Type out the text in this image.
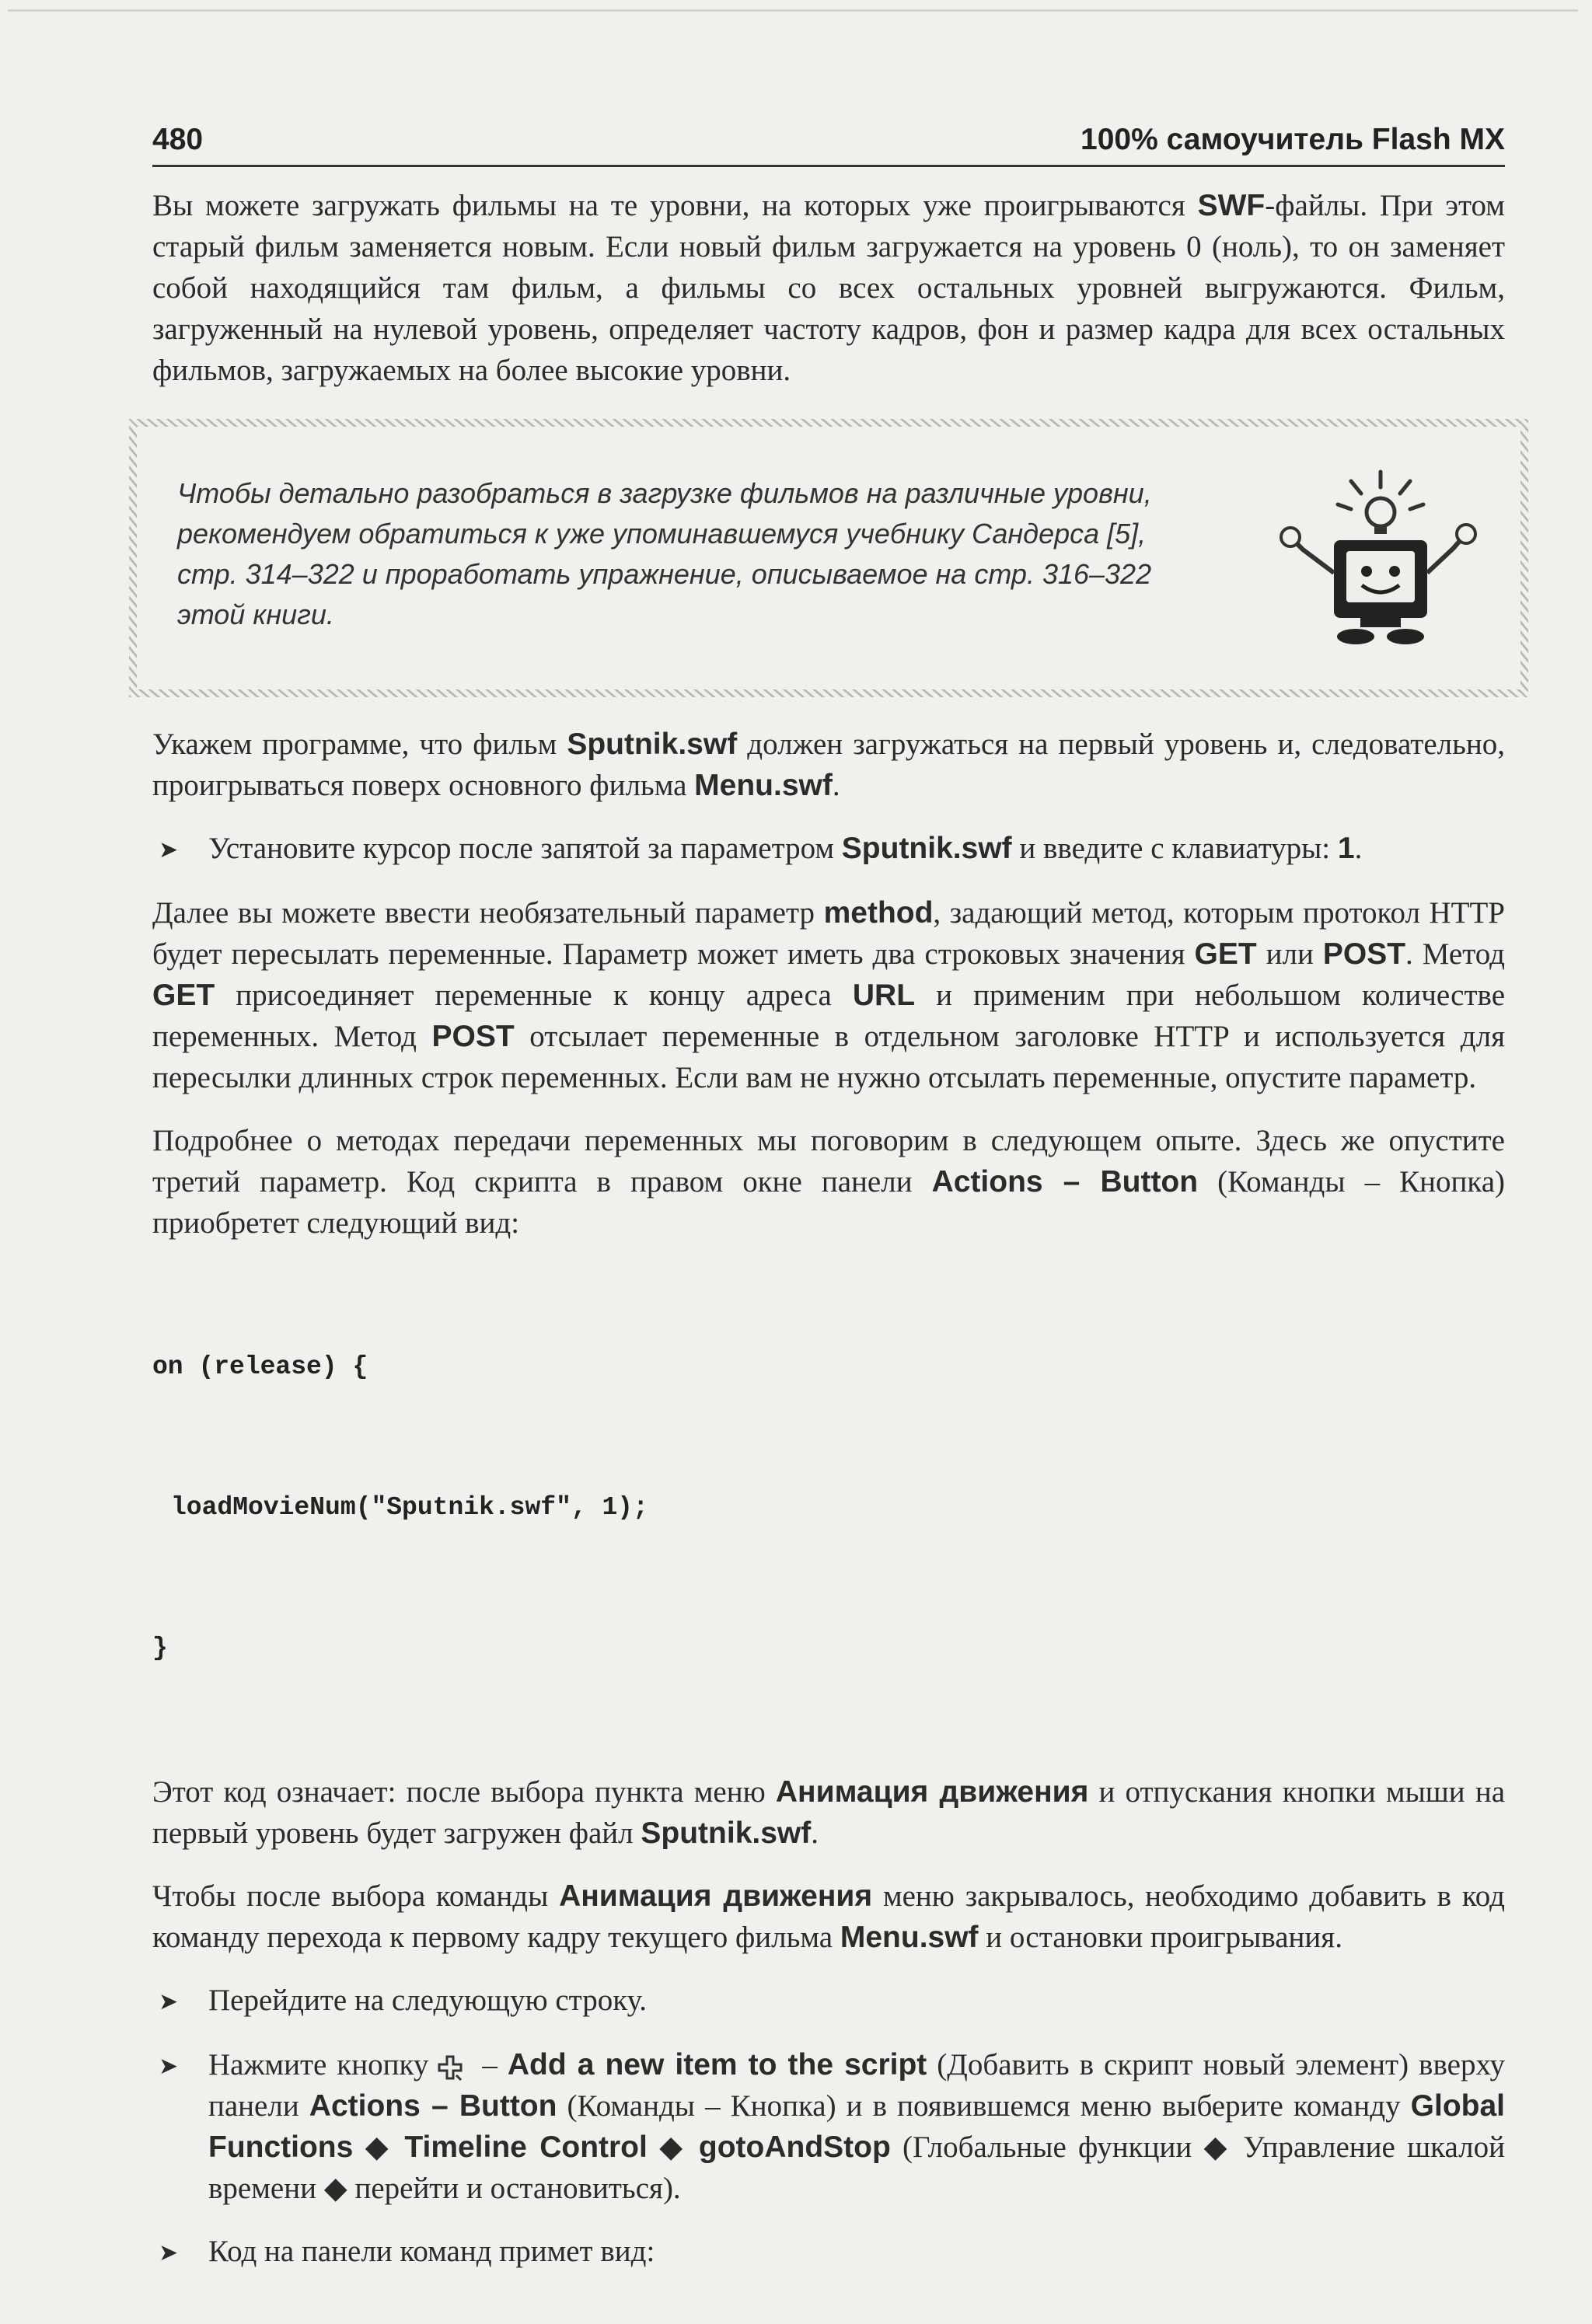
480	100% самоучитель Flash MX

Вы можете загружать фильмы на те уровни, на которых уже проигрываются SWF-файлы. При этом старый фильм заменяется новым. Если новый фильм загружается на уровень 0 (ноль), то он заменяет собой находящийся там фильм, а фильмы со всех остальных уровней выгружаются. Фильм, загруженный на нулевой уровень, определяет частоту кадров, фон и размер кадра для всех остальных фильмов, загружаемых на более высокие уровни.

Чтобы детально разобраться в загрузке фильмов на различные уровни, рекомендуем обратиться к уже упоминавшемуся учебнику Сандерса [5], стр. 314–322 и проработать упражнение, описываемое на стр. 316–322 этой книги.

Укажем программе, что фильм Sputnik.swf должен загружаться на первый уровень и, следовательно, проигрываться поверх основного фильма Menu.swf.

➤ Установите курсор после запятой за параметром Sputnik.swf и введите с клавиатуры: 1.

Далее вы можете ввести необязательный параметр method, задающий метод, которым протокол HTTP будет пересылать переменные. Параметр может иметь два строковых значения GET или POST. Метод GET присоединяет переменные к концу адреса URL и применим при небольшом количестве переменных. Метод POST отсылает переменные в отдельном заголовке HTTP и используется для пересылки длинных строк переменных. Если вам не нужно отсылать переменные, опустите параметр.

Подробнее о методах передачи переменных мы поговорим в следующем опыте. Здесь же опустите третий параметр. Код скрипта в правом окне панели Actions – Button (Команды – Кнопка) приобретет следующий вид:

on (release) {

loadMovieNum("Sputnik.swf", 1);

}

Этот код означает: после выбора пункта меню Анимация движения и отпускания кнопки мыши на первый уровень будет загружен файл Sputnik.swf.

Чтобы после выбора команды Анимация движения меню закрывалось, необходимо добавить в код команду перехода к первому кадру текущего фильма Menu.swf и остановки проигрывания.

➤ Перейдите на следующую строку.
➤ Нажмите кнопку – Add a new item to the script (Добавить в скрипт новый элемент) вверху панели Actions – Button (Команды – Кнопка) и в появившемся меню выберите команду Global Functions ◆ Timeline Control ◆ gotoAndStop (Глобальные функции ◆ Управление шкалой времени ◆ перейти и остановиться).
➤ Код на панели команд примет вид:
